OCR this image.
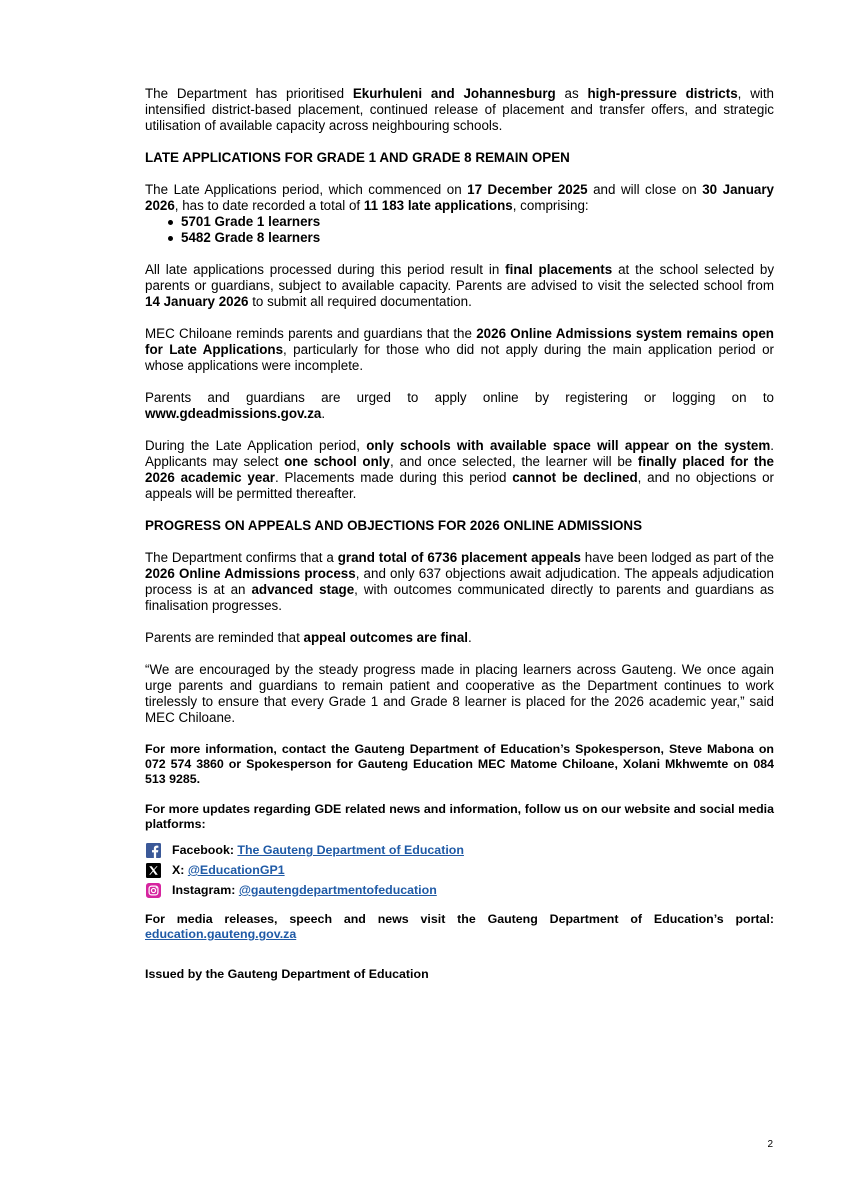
The Department has prioritised Ekurhuleni and Johannesburg as high-pressure districts, with intensified district-based placement, continued release of placement and transfer offers, and strategic utilisation of available capacity across neighbouring schools.

LATE APPLICATIONS FOR GRADE 1 AND GRADE 8 REMAIN OPEN

The Late Applications period, which commenced on 17 December 2025 and will close on 30 January 2026, has to date recorded a total of 11 183 late applications, comprising:

5701 Grade 1 learners
5482 Grade 8 learners

All late applications processed during this period result in final placements at the school selected by parents or guardians, subject to available capacity. Parents are advised to visit the selected school from 14 January 2026 to submit all required documentation.

MEC Chiloane reminds parents and guardians that the 2026 Online Admissions system remains open for Late Applications, particularly for those who did not apply during the main application period or whose applications were incomplete.

Parents and guardians are urged to apply online by registering or logging on to www.gdeadmissions.gov.za.

During the Late Application period, only schools with available space will appear on the system. Applicants may select one school only, and once selected, the learner will be finally placed for the 2026 academic year. Placements made during this period cannot be declined, and no objections or appeals will be permitted thereafter.

PROGRESS ON APPEALS AND OBJECTIONS FOR 2026 ONLINE ADMISSIONS

The Department confirms that a grand total of 6736 placement appeals have been lodged as part of the 2026 Online Admissions process, and only 637 objections await adjudication. The appeals adjudication process is at an advanced stage, with outcomes communicated directly to parents and guardians as finalisation progresses.

Parents are reminded that appeal outcomes are final.

“We are encouraged by the steady progress made in placing learners across Gauteng. We once again urge parents and guardians to remain patient and cooperative as the Department continues to work tirelessly to ensure that every Grade 1 and Grade 8 learner is placed for the 2026 academic year,” said MEC Chiloane.

For more information, contact the Gauteng Department of Education’s Spokesperson, Steve Mabona on 072 574 3860 or Spokesperson for Gauteng Education MEC Matome Chiloane, Xolani Mkhwemte on 084 513 9285.
For more updates regarding GDE related news and information, follow us on our website and social media platforms:
Facebook:
The Gauteng Department of Education
X:
@EducationGP1
Instagram:
@gautengdepartmentofeducation
For media releases, speech and news visit the Gauteng Department of Education’s portal: education.gauteng.gov.za
Issued by the Gauteng Department of Education
2
